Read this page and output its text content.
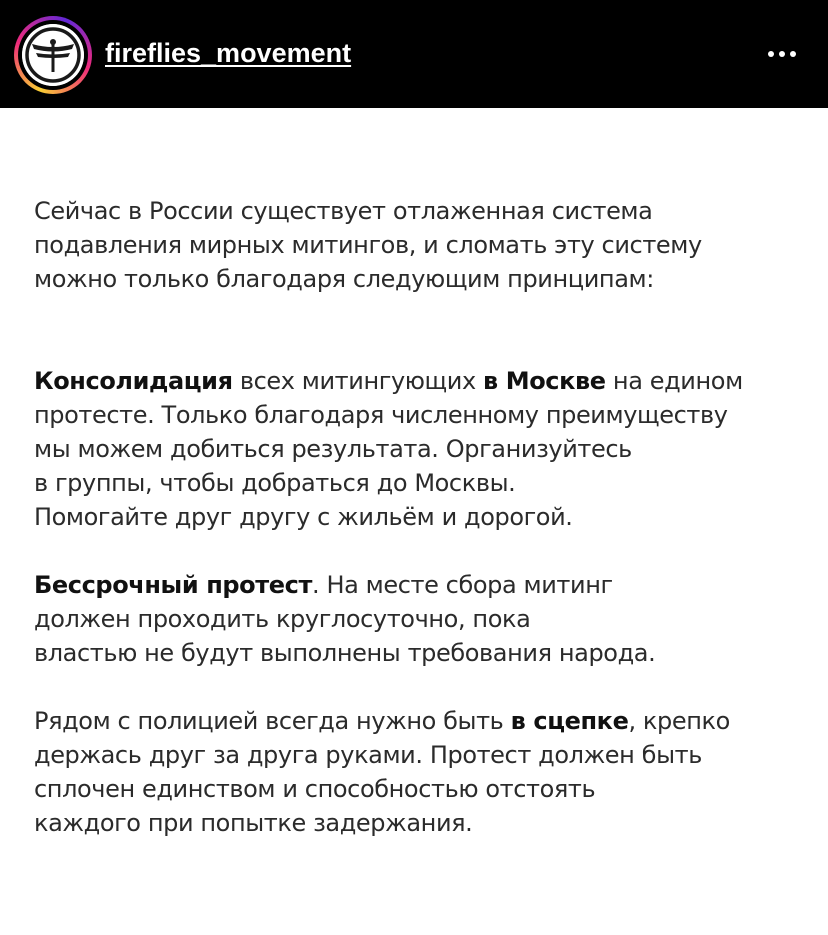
fireflies_movement

Сейчас в России существует отлаженная система
подавления мирных митингов, и сломать эту систему
можно только благодаря следующим принципам:

Консолидация всех митингующих в Москве на едином
протесте. Только благодаря численному преимуществу
мы можем добиться результата. Организуйтесь
в группы, чтобы добраться до Москвы.
Помогайте друг другу с жильём и дорогой.

Бессрочный протест. На месте сбора митинг
должен проходить круглосуточно, пока
властью не будут выполнены требования народа.

Рядом с полицией всегда нужно быть в сцепке, крепко
держась друг за друга руками. Протест должен быть
сплочен единством и способностью отстоять
каждого при попытке задержания.
